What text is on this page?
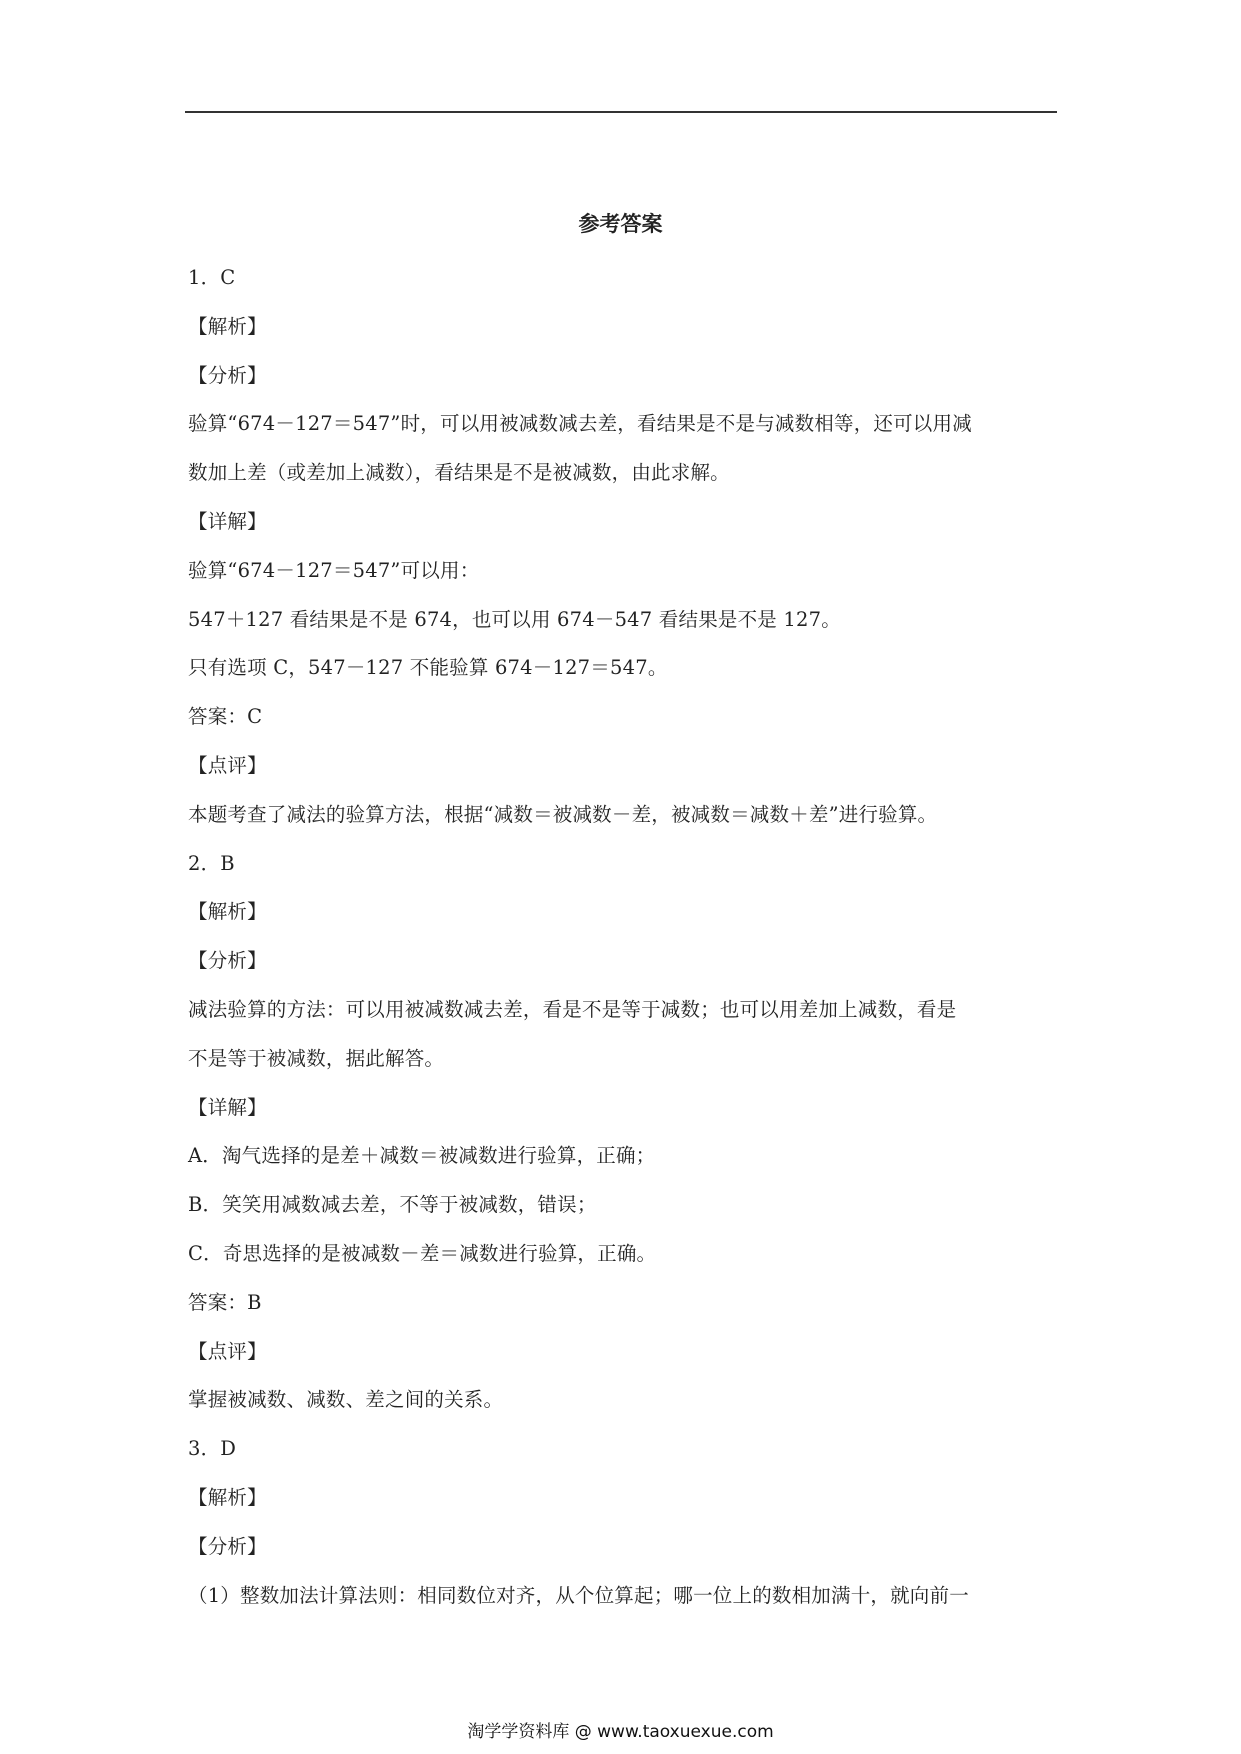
参考答案
1．C
【解析】
【分析】
验算“674－127＝547”时，可以用被减数减去差，看结果是不是与减数相等，还可以用减
数加上差（或差加上减数），看结果是不是被减数，由此求解。
【详解】
验算“674－127＝547”可以用：
547＋127 看结果是不是 674，也可以用 674－547 看结果是不是 127。
只有选项 C，547－127 不能验算 674－127＝547。
答案：C
【点评】
本题考查了减法的验算方法，根据“减数＝被减数－差，被减数＝减数＋差”进行验算。
2．B
【解析】
【分析】
减法验算的方法：可以用被减数减去差，看是不是等于减数；也可以用差加上减数，看是
不是等于被减数，据此解答。
【详解】
A．淘气选择的是差＋减数＝被减数进行验算，正确；
B．笑笑用减数减去差，不等于被减数，错误；
C．奇思选择的是被减数－差＝减数进行验算，正确。
答案：B
【点评】
掌握被减数、减数、差之间的关系。
3．D
【解析】
【分析】
（1）整数加法计算法则：相同数位对齐，从个位算起；哪一位上的数相加满十，就向前一
淘学学资料库 @ www.taoxuexue.com
